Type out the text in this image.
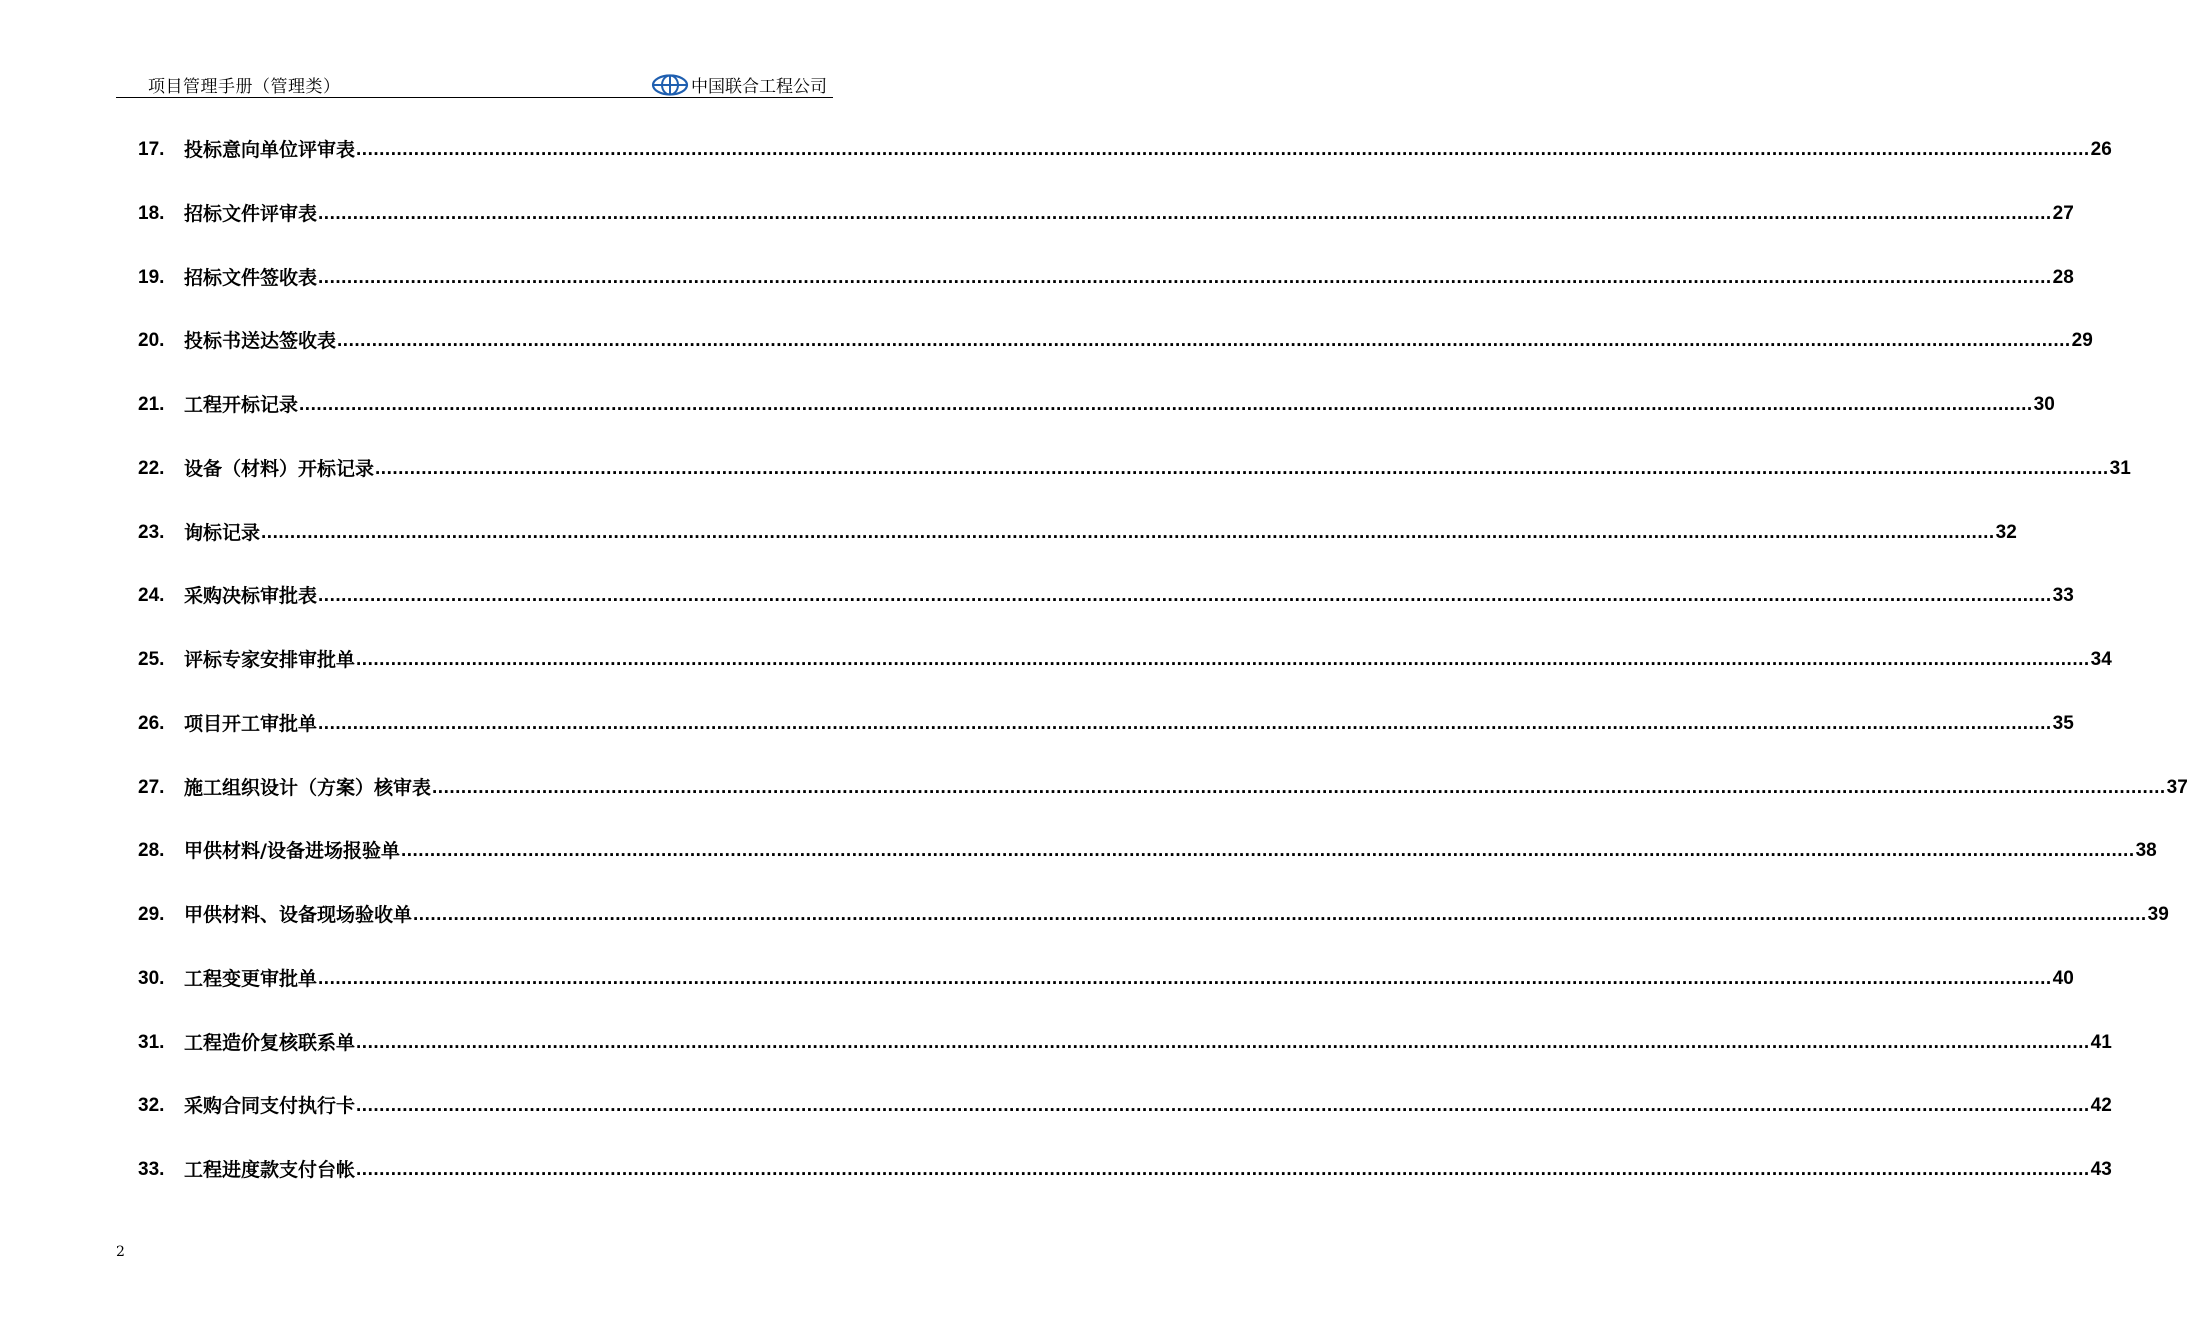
项目管理手册（管理类）	中国联合工程公司
17.	投标意向单位评审表 ............................................................................................................................................................................................................................................................................................................ 26
18.	招标文件评审表 ............................................................................................................................................................................................................................................................................................................ 27
19.	招标文件签收表 ............................................................................................................................................................................................................................................................................................................ 28
20.	投标书送达签收表 ............................................................................................................................................................................................................................................................................................................ 29
21.	工程开标记录 ............................................................................................................................................................................................................................................................................................................ 30
22.	设备（材料）开标记录 ............................................................................................................................................................................................................................................................................................................ 31
23.	询标记录 ............................................................................................................................................................................................................................................................................................................ 32
24.	采购决标审批表 ............................................................................................................................................................................................................................................................................................................ 33
25.	评标专家安排审批单 ............................................................................................................................................................................................................................................................................................................ 34
26.	项目开工审批单 ............................................................................................................................................................................................................................................................................................................ 35
27.	施工组织设计（方案）核审表 ............................................................................................................................................................................................................................................................................................................ 37
28.	甲供材料/设备进场报验单 ............................................................................................................................................................................................................................................................................................................ 38
29.	甲供材料、设备现场验收单 ............................................................................................................................................................................................................................................................................................................ 39
30.	工程变更审批单 ............................................................................................................................................................................................................................................................................................................ 40
31.	工程造价复核联系单 ............................................................................................................................................................................................................................................................................................................ 41
32.	采购合同支付执行卡 ............................................................................................................................................................................................................................................................................................................ 42
33.	工程进度款支付台帐 ............................................................................................................................................................................................................................................................................................................ 43
2
